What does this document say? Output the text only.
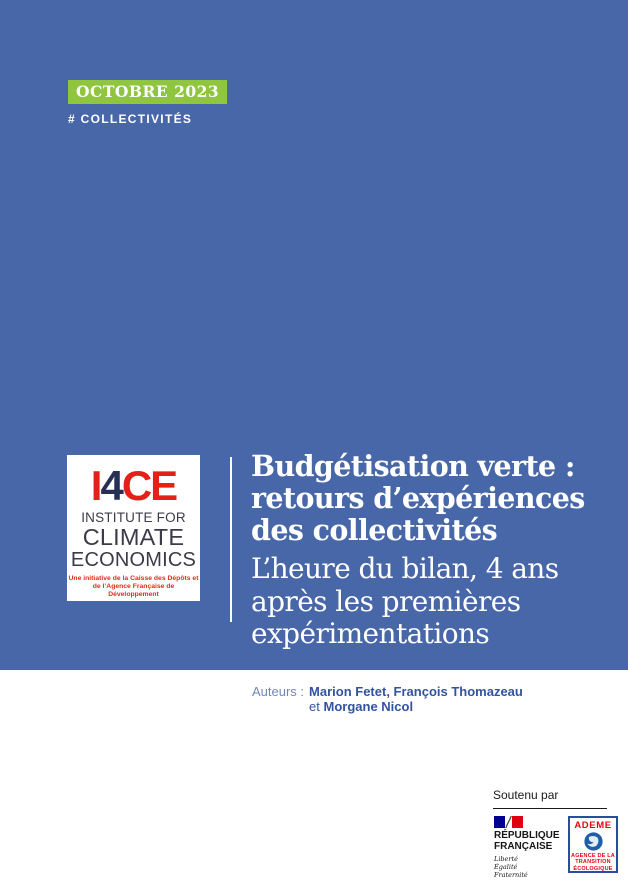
OCTOBRE 2023
# COLLECTIVITÉS
I4CE
INSTITUTE FOR
CLIMATE
ECONOMICS
Une initiative de la Caisse des Dépôts et
de l’Agence Française de Développement
Budgétisation verte :
retours d’expériences
des collectivités
L’heure du bilan, 4 ans
après les premières
expérimentations
Auteurs : Marion Fetet, François Thomazeau
et Morgane Nicol
Soutenu par
RÉPUBLIQUE
FRANÇAISE
Liberté
Égalité
Fraternité
ADEME
AGENCE DE LA
TRANSITION
ÉCOLOGIQUE
